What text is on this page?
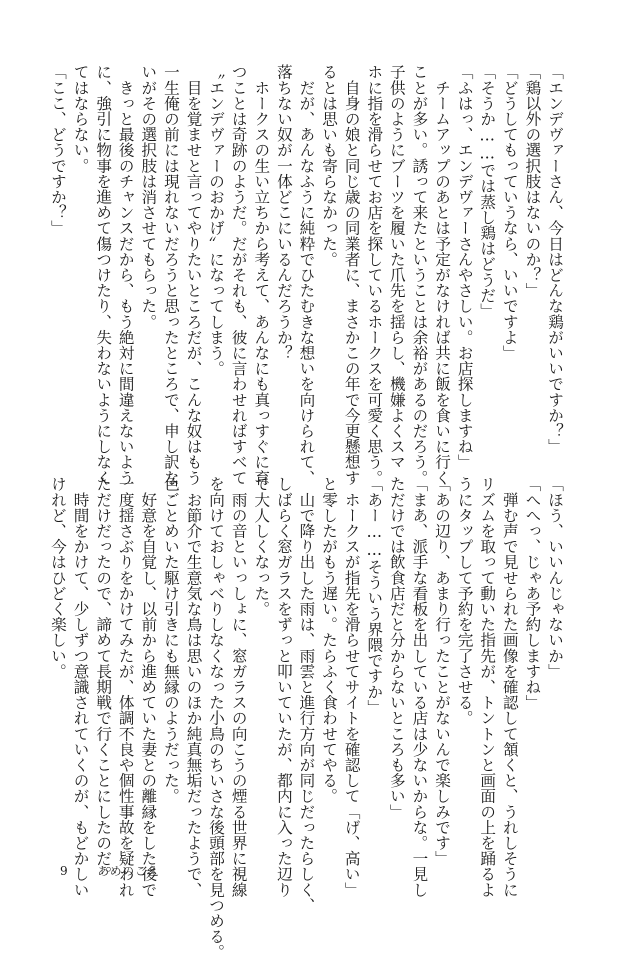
「エンデヴァーさん、今日はどんな鶏がいいですか？」
「鶏以外の選択肢はないのか？」
「どうしてもっていうなら、いいですよ」
「そうか……では蒸し鶏はどうだ」
「ふはっ、エンデヴァーさんやさしい。お店探しますね」
　チームアップのあとは予定がなければ共に飯を食いに行く
ことが多い。誘って来たということは余裕があるのだろう。
子供のようにブーツを履いた爪先を揺らし、機嫌よくスマ
ホに指を滑らせてお店を探しているホークスを可愛く思う。
　自身の娘と同じ歳の同業者に、まさかこの年で今更懸想す
るとは思いも寄らなかった。
　だが、あんなふうに純粋でひたむきな想いを向けられて、
落ちない奴が一体どこにいるんだろうか？
　ホークスの生い立ちから考えて、あんなにも真っすぐに育
つことは奇跡のようだ。だがそれも、彼に言わせればすべて
〝エンデヴァーのおかげ〟になってしまう。
　目を覚ませと言ってやりたいところだが、こんな奴はもう
一生俺の前には現れないだろうと思ったところで、申し訳な
いがその選択肢は消させてもらった。
　きっと最後のチャンスだから、もう絶対に間違えないよう
に、強引に物事を進めて傷つけたり、失わないようにしなく
てはならない。
「ここ、どうですか？」
「ほう、いいんじゃないか」
「へへっ、じゃあ予約しますね」
　弾む声で見せられた画像を確認して頷くと、うれしそうに
リズムを取って動いた指先が、トントンと画面の上を踊るよ
うにタップして予約を完了させる。
「あの辺り、あまり行ったことがないんで楽しみです」
「まあ、派手な看板を出している店は少ないからな。一見し
ただけでは飲食店だと分からないところも多い」
「あー……そういう界隈ですか」
　ホークスが指先を滑らせてサイトを確認して「げ、高い」
と零したがもう遅い。たらふく食わせてやる。
　山で降り出した雨は、雨雲と進行方向が同じだったらしく、
しばらく窓ガラスをずっと叩いていたが、都内に入った辺り
で大人しくなった。
　雨の音といっしょに、窓ガラスの向こうの煙る世界に視線
を向けておしゃべりしなくなった小鳥のちいさな後頭部を見つめる。
　お節介で生意気な鳥は思いのほか純真無垢だったようで、
色ごとめいた駆け引きにも無縁のようだった。
　好意を自覚し、以前から進めていた妻との離縁をした後で
一度揺さぶりをかけてみたが、体調不良や個性事故を疑われ
ただけだったので、諦めて長期戦で行くことにしたのだ。
　時間をかけて、少しずつ意識されていくのが、もどかしい
けれど、今はひどく楽しい。
9	あめのこえ
